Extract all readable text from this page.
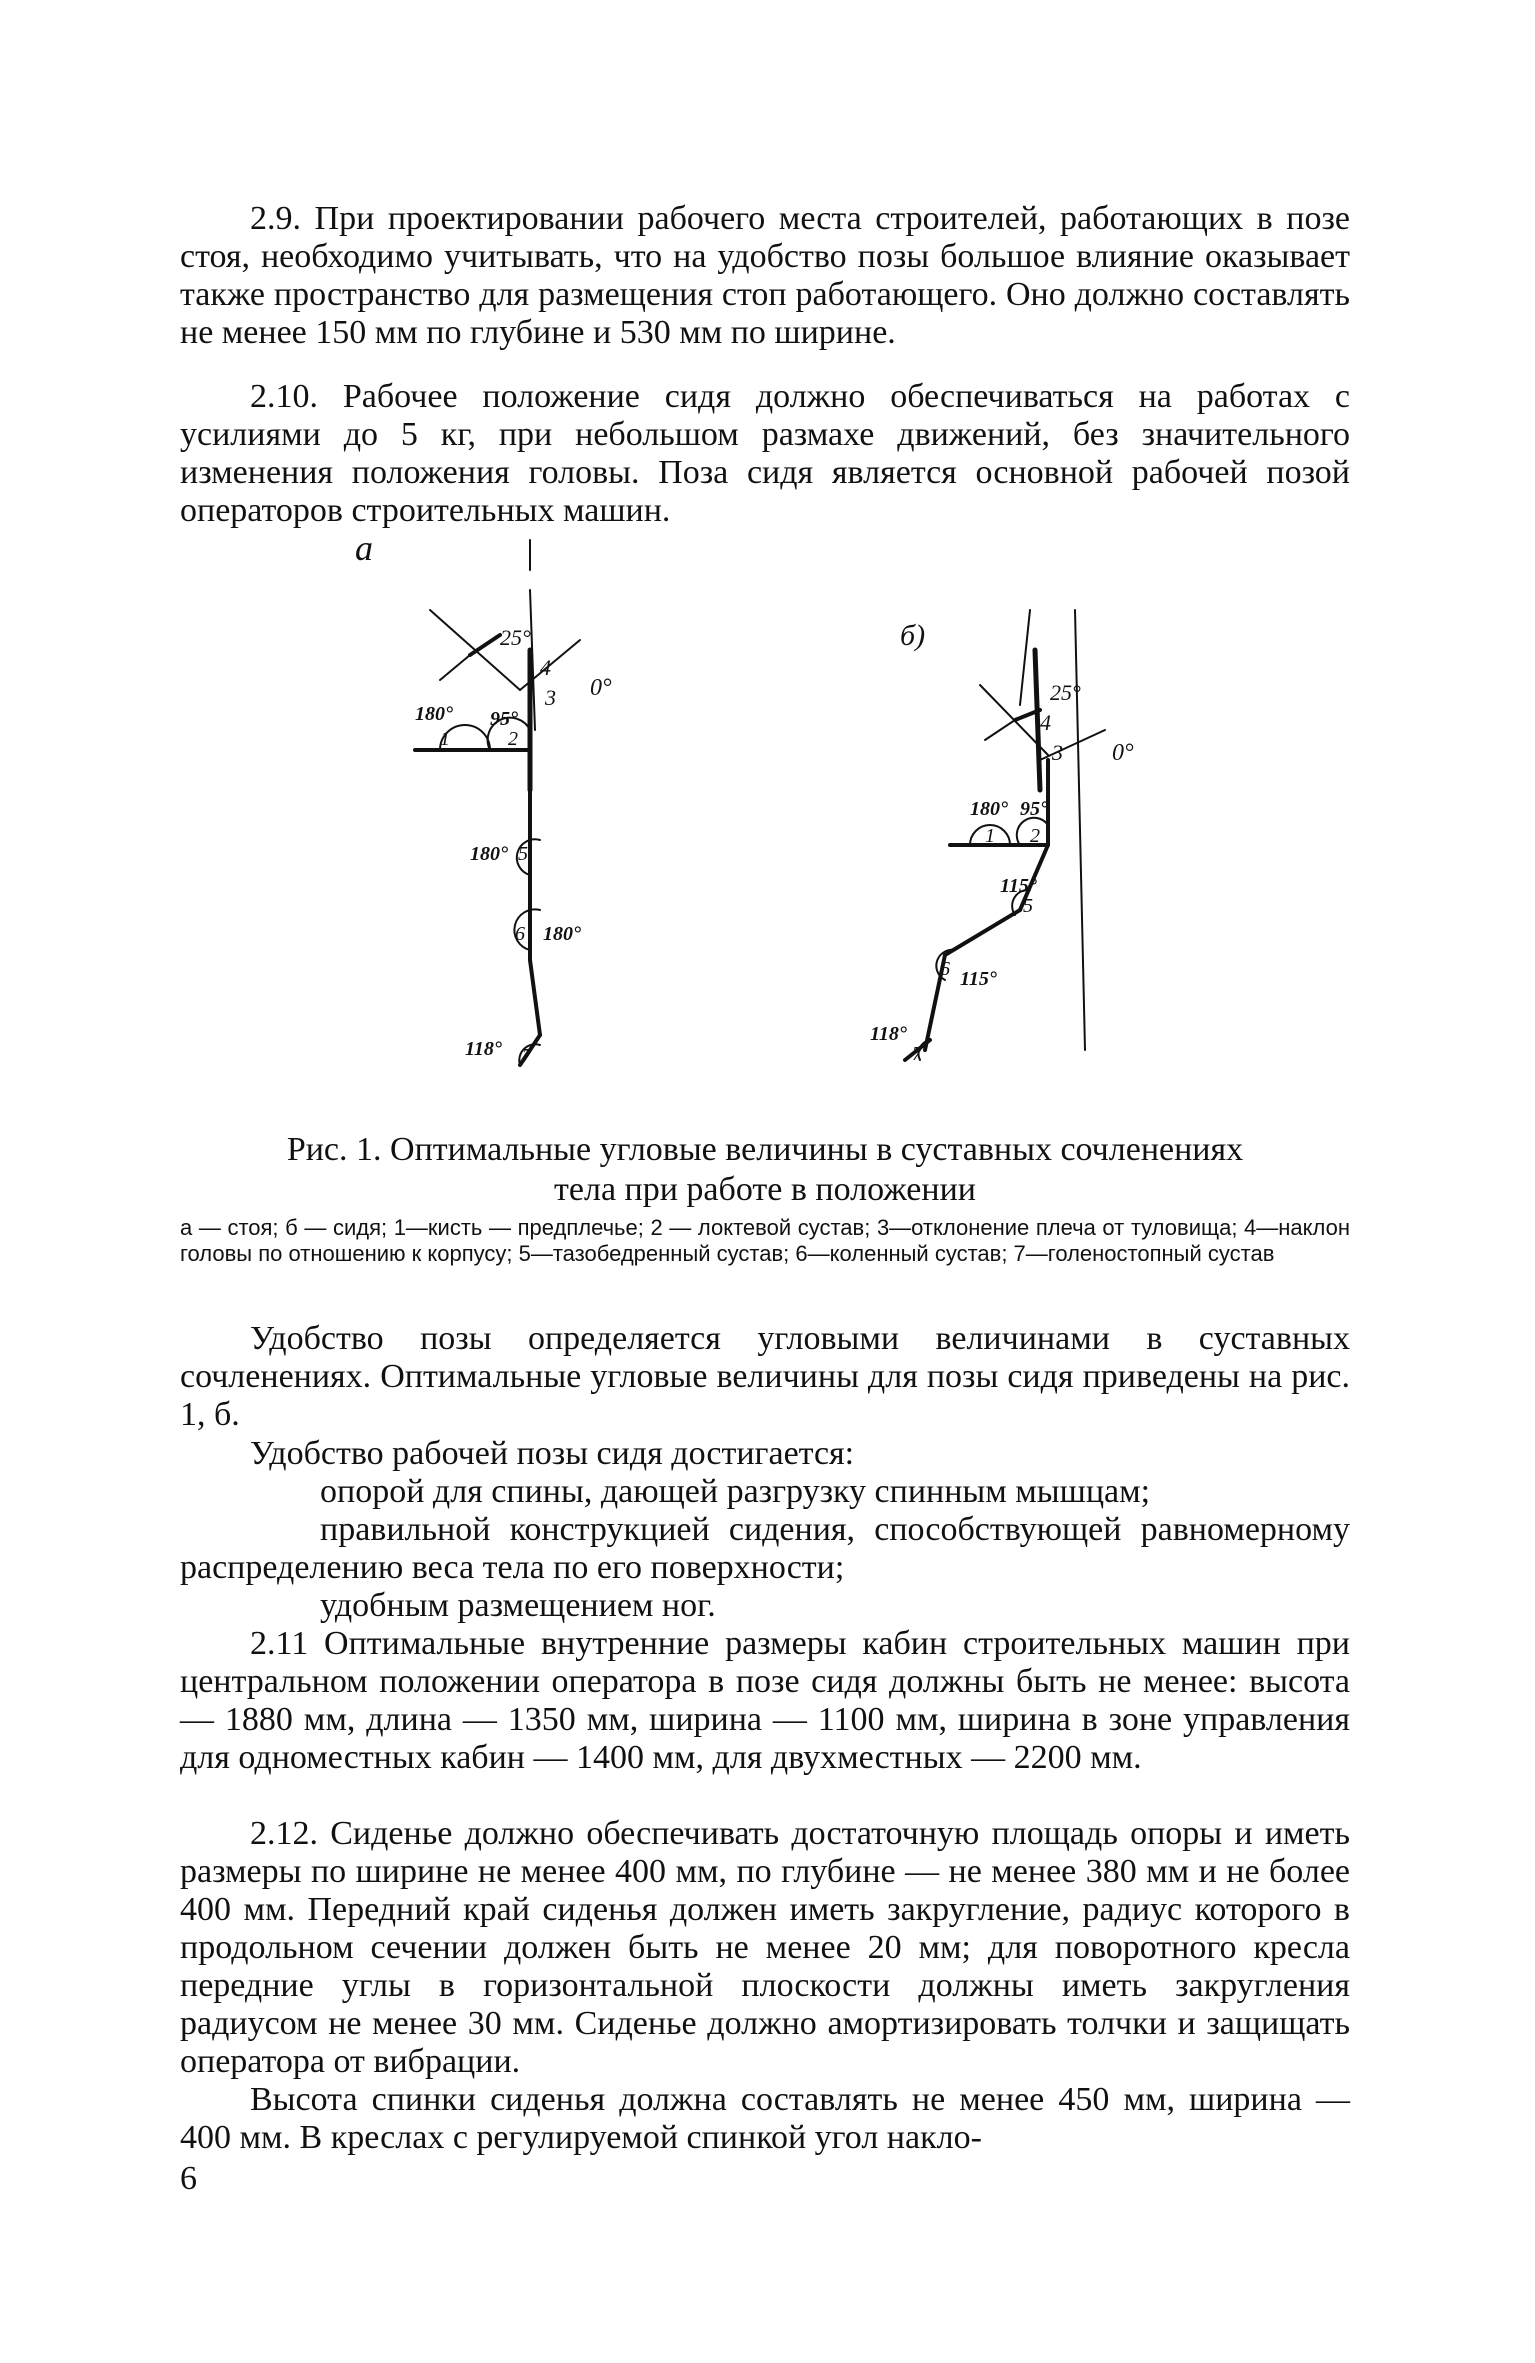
2.9. При проектировании рабочего места строителей, работающих в позе стоя, необходимо учитывать, что на удобство позы большое влияние оказывает также пространство для размещения стоп работающего. Оно должно составлять не менее 150 мм по глубине и 530 мм по ширине.

2.10. Рабочее положение сидя должно обеспечиваться на работах с усилиями до 5 кг, при небольшом размахе движений, без значительного изменения положения головы. Поза сидя является основной рабочей позой операторов строительных машин.

а
25°
4
3 0°
180° 95°
1	2
180° 5
180°
6
118° 7
б)
25°
4
3 0°
180° 95°
1 2
115°
5
115°
6
118°
7

Рис. 1. Оптимальные угловые величины в суставных сочленениях

тела при работе в положении

а — стоя; б — сидя; 1—кисть — предплечье; 2 — локтевой сустав; 3—отклонение плеча от туловища; 4—наклон головы по отношению к корпусу; 5—тазобедренный сустав; 6—коленный сустав; 7—голеностопный сустав

Удобство позы определяется угловыми величинами в суставных сочленениях. Оптимальные угловые величины для позы сидя приведены на рис. 1, б.

Удобство рабочей позы сидя достигается:

опорой для спины, дающей разгрузку спинным мышцам;

правильной конструкцией сидения, способствующей равномерному распределению веса тела по его поверхности;

удобным размещением ног.

2.11 Оптимальные внутренние размеры кабин строительных машин при центральном положении оператора в позе сидя должны быть не менее: высота — 1880 мм, длина — 1350 мм, ширина — 1100 мм, ширина в зоне управления для одноместных кабин — 1400 мм, для двухместных — 2200 мм.

2.12. Сиденье должно обеспечивать достаточную площадь опоры и иметь размеры по ширине не менее 400 мм, по глубине — не менее 380 мм и не более 400 мм. Передний край сиденья должен иметь закругление, радиус которого в продольном сечении должен быть не менее 20 мм; для поворотного кресла передние углы в горизонтальной плоскости должны иметь закругления радиусом не менее 30 мм. Сиденье должно амортизировать толчки и защищать оператора от вибрации.

Высота спинки сиденья должна составлять не менее 450 мм, ширина — 400 мм. В креслах с регулируемой спинкой угол накло-

6
